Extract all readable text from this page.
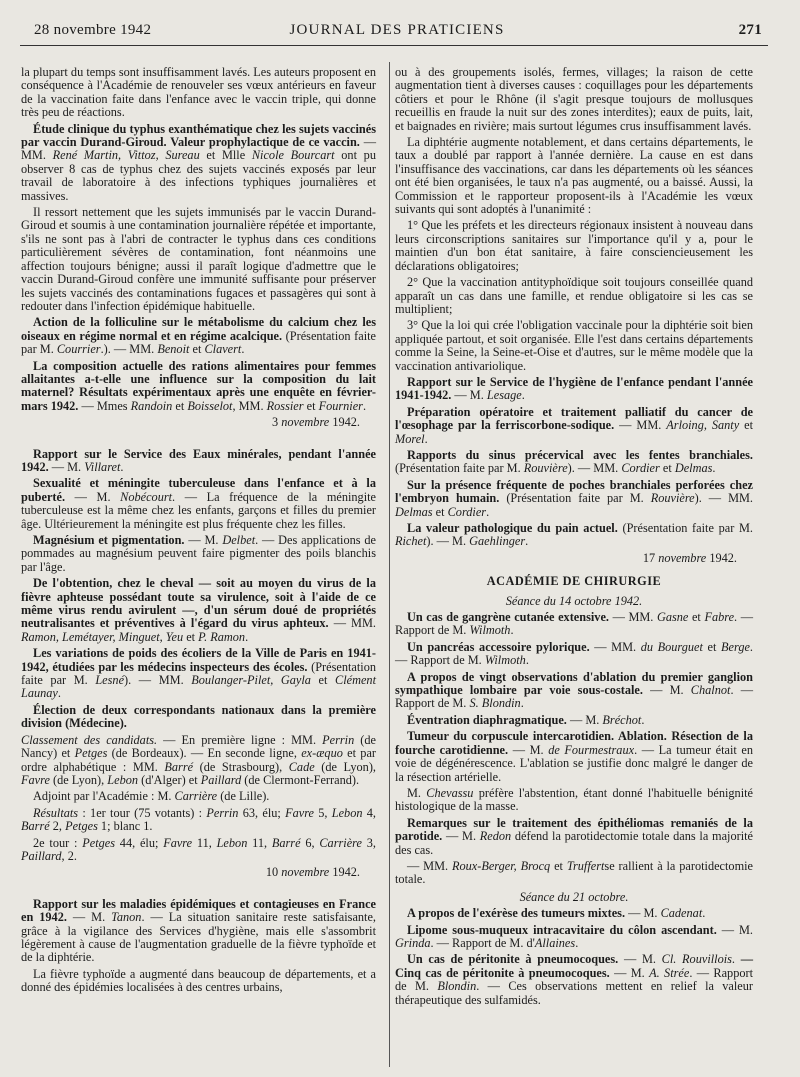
28 novembre 1942	JOURNAL DES PRATICIENS	271

la plupart du temps sont insuffisamment lavés. Les auteurs proposent en conséquence à l'Académie de renouveler ses vœux antérieurs en faveur de la vaccination faite dans l'enfance avec le vaccin triple, qui donne très peu de réactions.

Étude clinique du typhus exanthématique chez les sujets vaccinés par vaccin Durand-Giroud. Valeur prophylactique de ce vaccin. — MM. René Martin, Vittoz, Sureau et Mlle Nicole Bourcart ont pu observer 8 cas de typhus chez des sujets vaccinés exposés par leur travail de laboratoire à des infections typhiques journalières et massives.

Il ressort nettement que les sujets immunisés par le vaccin Durand-Giroud et soumis à une contamination journalière répétée et importante, s'ils ne sont pas à l'abri de contracter le typhus dans ces conditions particulièrement sévères de contamination, font néanmoins une affection toujours bénigne; aussi il paraît logique d'admettre que le vaccin Durand-Giroud confère une immunité suffisante pour préserver les sujets vaccinés des contaminations fugaces et passagères qui sont à redouter dans l'infection épidémique habituelle.

Action de la folliculine sur le métabolisme du calcium chez les oiseaux en régime normal et en régime acalcique. (Présentation faite par M. Courrier.). — MM. Benoit et Clavert.

La composition actuelle des rations alimentaires pour femmes allaitantes a-t-elle une influence sur la composition du lait maternel? Résultats expérimentaux après une enquête en février-mars 1942. — Mmes Randoin et Boisselot, MM. Rossier et Fournier.

3 novembre 1942.

Rapport sur le Service des Eaux minérales, pendant l'année 1942. — M. Villaret.

Sexualité et méningite tuberculeuse dans l'enfance et à la puberté. — M. Nobécourt. — La fréquence de la méningite tuberculeuse est la même chez les enfants, garçons et filles du premier âge. Ultérieurement la méningite est plus fréquente chez les filles.

Magnésium et pigmentation. — M. Delbet. — Des applications de pommades au magnésium peuvent faire pigmenter des poils blanchis par l'âge.

De l'obtention, chez le cheval — soit au moyen du virus de la fièvre aphteuse possédant toute sa virulence, soit à l'aide de ce même virus rendu avirulent —, d'un sérum doué de propriétés neutralisantes et préventives à l'égard du virus aphteux. — MM. Ramon, Lemétayer, Minguet, Yeu et P. Ramon.

Les variations de poids des écoliers de la Ville de Paris en 1941-1942, étudiées par les médecins inspecteurs des écoles. (Présentation faite par M. Lesné). — MM. Boulanger-Pilet, Gayla et Clément Launay.

Élection de deux correspondants nationaux dans la première division (Médecine).

Classement des candidats. — En première ligne : MM. Perrin (de Nancy) et Petges (de Bordeaux). — En seconde ligne, ex-æquo et par ordre alphabétique : MM. Barré (de Strasbourg), Cade (de Lyon), Favre (de Lyon), Lebon (d'Alger) et Paillard (de Clermont-Ferrand).

Adjoint par l'Académie : M. Carrière (de Lille).

Résultats : 1er tour (75 votants) : Perrin 63, élu; Favre 5, Lebon 4, Barré 2, Petges 1; blanc 1.

2e tour : Petges 44, élu; Favre 11, Lebon 11, Barré 6, Carrière 3, Paillard, 2.

10 novembre 1942.

Rapport sur les maladies épidémiques et contagieuses en France en 1942. — M. Tanon. — La situation sanitaire reste satisfaisante, grâce à la vigilance des Services d'hygiène, mais elle s'assombrit légèrement à cause de l'augmentation graduelle de la fièvre typhoïde et de la diphtérie.

La fièvre typhoïde a augmenté dans beaucoup de départements, et a donné des épidémies localisées à des centres urbains,

ou à des groupements isolés, fermes, villages; la raison de cette augmentation tient à diverses causes : coquillages pour les départements côtiers et pour le Rhône (il s'agit presque toujours de mollusques recueillis en fraude la nuit sur des zones interdites); eaux de puits, lait, et baignades en rivière; mais surtout légumes crus insuffisamment lavés.

La diphtérie augmente notablement, et dans certains départements, le taux a doublé par rapport à l'année dernière. La cause en est dans l'insuffisance des vaccinations, car dans les départements où les séances ont été bien organisées, le taux n'a pas augmenté, ou a baissé. Aussi, la Commission et le rapporteur proposent-ils à l'Académie les vœux suivants qui sont adoptés à l'unanimité :

1° Que les préfets et les directeurs régionaux insistent à nouveau dans leurs circonscriptions sanitaires sur l'importance qu'il y a, pour le maintien d'un bon état sanitaire, à faire consciencieusement les déclarations obligatoires;

2° Que la vaccination antityphoïdique soit toujours conseillée quand apparaît un cas dans une famille, et rendue obligatoire si les cas se multiplient;

3° Que la loi qui crée l'obligation vaccinale pour la diphtérie soit bien appliquée partout, et soit organisée. Elle l'est dans certains départements comme la Seine, la Seine-et-Oise et d'autres, sur le même modèle que la vaccination antivariolique.

Rapport sur le Service de l'hygiène de l'enfance pendant l'année 1941-1942. — M. Lesage.

Préparation opératoire et traitement palliatif du cancer de l'œsophage par la ferriscorbone-sodique. — MM. Arloing, Santy et Morel.

Rapports du sinus précervical avec les fentes branchiales. (Présentation faite par M. Rouvière). — MM. Cordier et Delmas.

Sur la présence fréquente de poches branchiales perforées chez l'embryon humain. (Présentation faite par M. Rouvière). — MM. Delmas et Cordier.

La valeur pathologique du pain actuel. (Présentation faite par M. Richet). — M. Gaehlinger.

17 novembre 1942.

ACADÉMIE DE CHIRURGIE

Séance du 14 octobre 1942.

Un cas de gangrène cutanée extensive. — MM. Gasne et Fabre. — Rapport de M. Wilmoth.

Un pancréas accessoire pylorique. — MM. du Bourguet et Berge. — Rapport de M. Wilmoth.

A propos de vingt observations d'ablation du premier ganglion sympathique lombaire par voie sous-costale. — M. Chalnot. — Rapport de M. S. Blondin.

Éventration diaphragmatique. — M. Bréchot.

Tumeur du corpuscule intercarotidien. Ablation. Résection de la fourche carotidienne. — M. de Fourmestraux. — La tumeur était en voie de dégénérescence. L'ablation se justifie donc malgré le danger de la résection artérielle.

M. Chevassu préfère l'abstention, étant donné l'habituelle bénignité histologique de la masse.

Remarques sur le traitement des épithéliomas remaniés de la parotide. — M. Redon défend la parotidectomie totale dans la majorité des cas.

— MM. Roux-Berger, Brocq et Truffertse rallient à la parotidectomie totale.

Séance du 21 octobre.

A propos de l'exérèse des tumeurs mixtes. — M. Cadenat.

Lipome sous-muqueux intracavitaire du côlon ascendant. — M. Grinda. — Rapport de M. d'Allaines.

Un cas de péritonite à pneumocoques. — M. Cl. Rouvillois. — Cinq cas de péritonite à pneumocoques. — M. A. Strée. — Rapport de M. Blondin. — Ces observations mettent en relief la valeur thérapeutique des sulfamidés.
